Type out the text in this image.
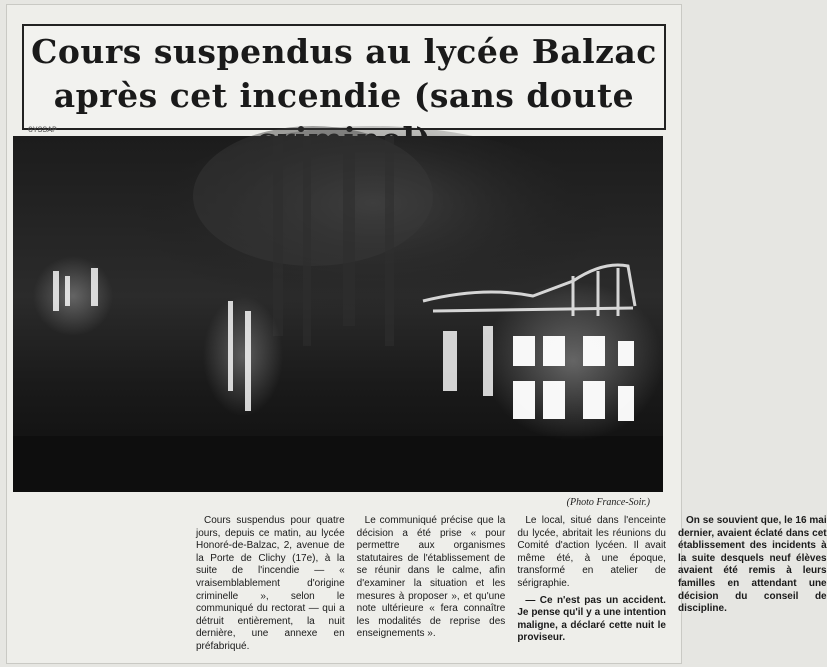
Cours suspendus au lycée Balzac
après cet incendie (sans doute
GYSSAP
(Photo France-Soir.)

Cours suspendus pour quatre jours, depuis ce matin, au lycée Honoré-de-Balzac, 2, avenue de la Porte de Clichy (17e), à la suite de l'incendie — « vraisemblablement d'origine criminelle », selon le communiqué du rectorat — qui a détruit entièrement, la nuit dernière, une annexe en préfabriqué.

Le communiqué précise que la décision a été prise « pour permettre aux organismes statutaires de l'établissement de se réunir dans le calme, afin d'examiner la situation et les mesures à proposer », et qu'une note ultérieure « fera connaître les modalités de reprise des enseignements ».

Le local, situé dans l'enceinte du lycée, abritait les réunions du Comité d'action lycéen. Il avait même été, à une époque, transformé en atelier de sérigraphie.

— Ce n'est pas un accident. Je pense qu'il y a une intention maligne, a déclaré cette nuit le proviseur.

On se souvient que, le 16 mai dernier, avaient éclaté dans cet établissement des incidents à la suite desquels neuf élèves avaient été remis à leurs familles en attendant une décision du conseil de discipline.
